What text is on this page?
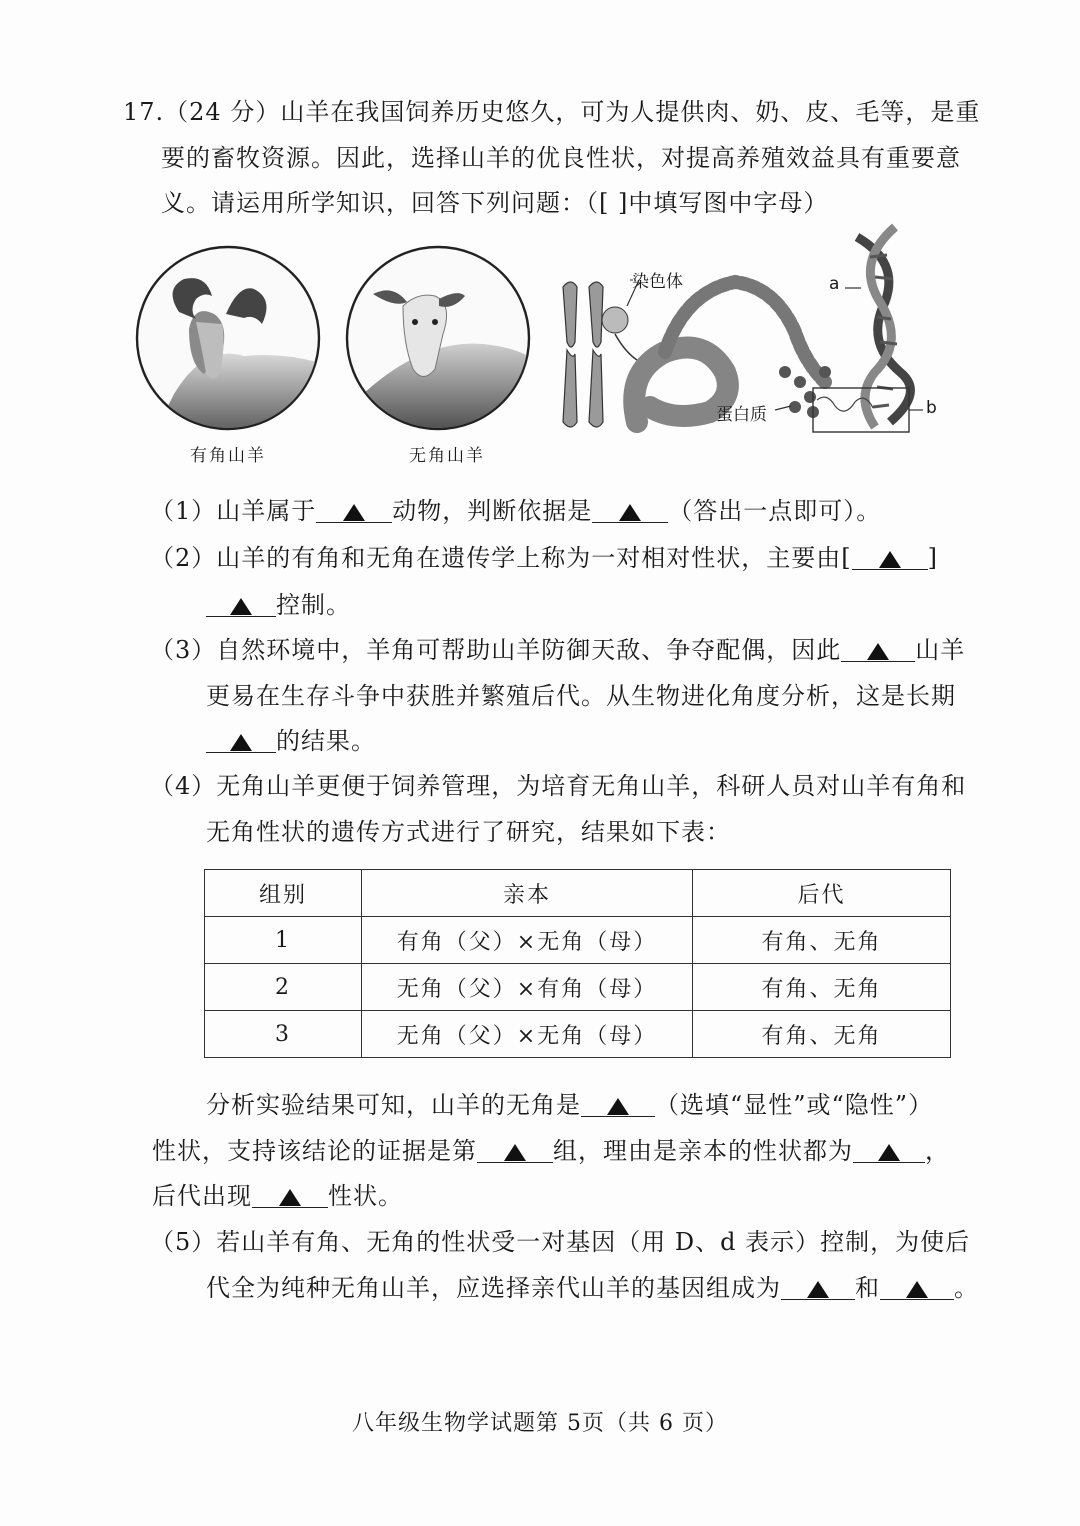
17.（24 分）山羊在我国饲养历史悠久，可为人提供肉、奶、皮、毛等，是重
要的畜牧资源。因此，选择山羊的优良性状，对提高养殖效益具有重要意
义。请运用所学知识，回答下列问题：（[ ]中填写图中字母）
有角山羊	无角山羊
染色体	a
蛋白质	b
（1）山羊属于	动物，判断依据是	（答出一点即可）。
（2）山羊的有角和无角在遗传学上称为一对相对性状，主要由[	]
控制。
（3）自然环境中，羊角可帮助山羊防御天敌、争夺配偶，因此	山羊
更易在生存斗争中获胜并繁殖后代。从生物进化角度分析，这是长期
的结果。
（4）无角山羊更便于饲养管理，为培育无角山羊，科研人员对山羊有角和
无角性状的遗传方式进行了研究，结果如下表：
组别	亲本	后代
1	有角（父）×无角（母）	有角、无角
2	无角（父）×有角（母）	有角、无角
3	无角（父）×无角（母）	有角、无角
分析实验结果可知，山羊的无角是	（选填“显性”或“隐性”）
性状，支持该结论的证据是第	组，理由是亲本的性状都为	，
后代出现	性状。
（5）若山羊有角、无角的性状受一对基因（用 D、d 表示）控制，为使后
代全为纯种无角山羊，应选择亲代山羊的基因组成为	和	。
八年级生物学试题第 5页（共 6 页）
